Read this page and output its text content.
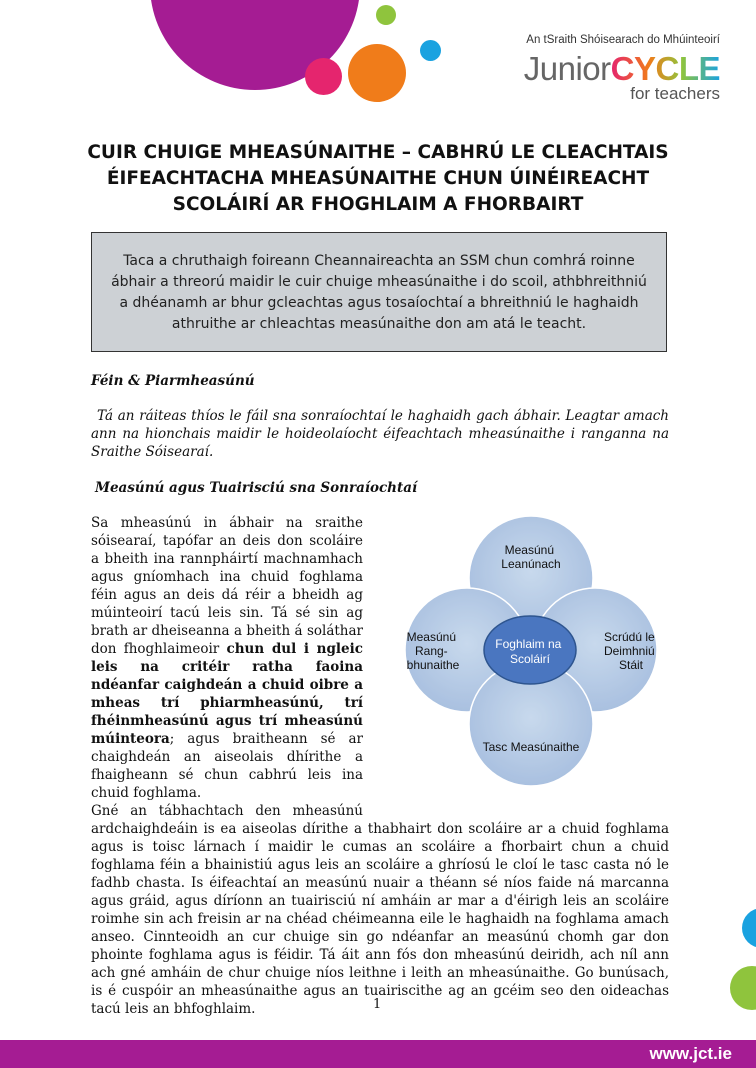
An tSraith Shóisearach do Mhúinteoirí
JuniorCYCLE
for teachers
CUIR CHUIGE MHEASÚNAITHE – CABHRÚ LE CLEACHTAIS
ÉIFEACHTACHA MHEASÚNAITHE CHUN ÚINÉIREACHT
SCOLÁIRÍ AR FHOGHLAIM A FHORBAIRT
Taca a chruthaigh foireann Cheannaireachta an SSM chun comhrá roinne ábhair a threorú maidir le cuir chuige mheasúnaithe i do scoil, athbhreithniú a dhéanamh ar bhur gcleachtas agus tosaíochtaí a bhreithniú le haghaidh athruithe ar chleachtas measúnaithe don am atá le teacht.

Féin & Piarmheasúnú

Tá an ráiteas thíos le fáil sna sonraíochtaí le haghaidh gach ábhair. Leagtar amach ann na hionchais maidir le hoideolaíocht éifeachtach mheasúnaithe i ranganna na Sraithe Sóisearaí.

Measúnú agus Tuairisciú sna Sonraíochtaí

Sa mheasúnú in ábhair na sraithe sóisearaí, tapófar an deis don scoláire a bheith ina rannpháirtí machnamhach agus gníomhach ina chuid foghlama féin agus an deis dá réir a bheidh ag múinteoirí tacú leis sin. Tá sé sin ag brath ar dheiseanna a bheith á soláthar don fhoghlaimeoir chun dul i ngleic leis na critéir ratha faoina ndéanfar caighdeán a chuid oibre a mheas trí phiarmheasúnú, trí fhéinmheasúnú agus trí mheasúnú múinteora; agus braitheann sé ar chaighdeán an aiseolais dhírithe a fhaigheann sé chun cabhrú leis ina chuid foghlama.
Gné an tábhachtach den mheasúnú ardchaighdeáin is ea aiseolas dírithe a thabhairt don scoláire ar a chuid foghlama agus is toisc lárnach í maidir le cumas an scoláire a fhorbairt chun a chuid foghlama féin a bhainistiú agus leis an scoláire a ghríosú le cloí le tasc casta nó le fadhb chasta. Is éifeachtaí an measúnú nuair a théann sé níos faide ná marcanna agus gráid, agus díríonn an tuairisciú ní amháin ar mar a d'éirigh leis an scoláire roimhe sin ach freisin ar na chéad chéimeanna eile le haghaidh na foghlama amach anseo. Cinnteoidh an cur chuige sin go ndéanfar an measúnú chomh gar don phointe foghlama agus is féidir. Tá áit ann fós don mheasúnú deiridh, ach níl ann ach gné amháin de chur chuige níos leithne i leith an mheasúnaithe. Go bunúsach, is é cuspóir an mheasúnaithe agus an tuairiscithe ag an gcéim seo den oideachas tacú leis an bhfoghlaim.
Measúnú Leanúnach
Measúnú Rang- bhunaithe
Scrúdú le Deimhniú Stáit
Tasc Measúnaithe
Foghlaim na Scoláirí
1
www.jct.ie
